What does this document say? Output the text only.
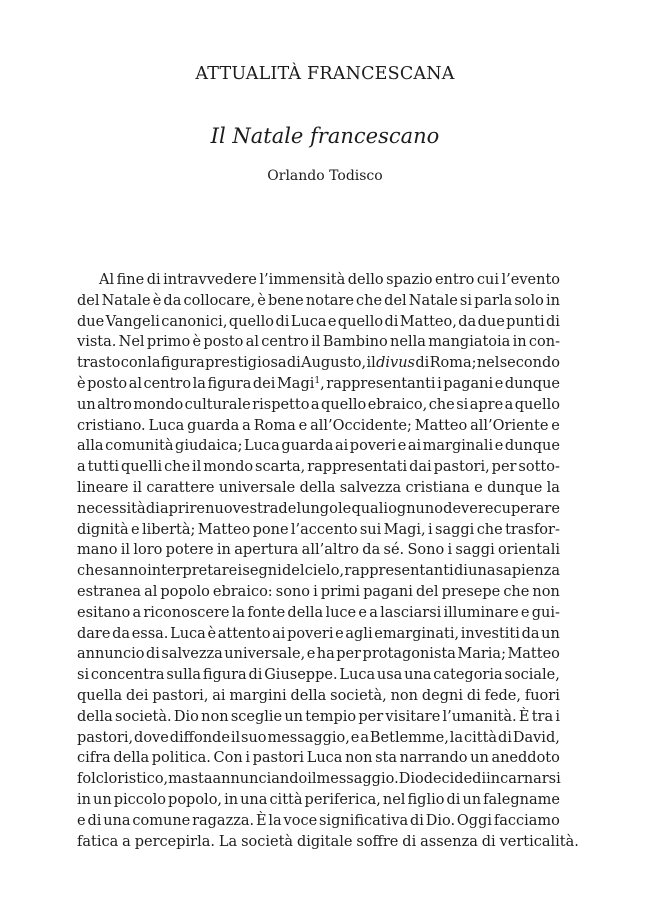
ATTUALITÀ FRANCESCANA
Il Natale francescano
Orlando Todisco
Al fine di intravvedere l’immensità dello spazio entro cui l’evento
del Natale è da collocare, è bene notare che del Natale si parla solo in
due Vangeli canonici, quello di Luca e quello di Matteo, da due punti di
vista. Nel primo è posto al centro il Bambino nella mangiatoia in con-
trasto con la figura prestigiosa di Augusto, il divus di Roma; nel secondo
è posto al centro la figura dei Magi$^1$, rappresentanti i pagani e dunque
un altro mondo culturale rispetto a quello ebraico, che si apre a quello
cristiano. Luca guarda a Roma e all’Occidente; Matteo all’Oriente e
alla comunità giudaica; Luca guarda ai poveri e ai marginali e dunque
a tutti quelli che il mondo scarta, rappresentati dai pastori, per sotto-
lineare il carattere universale della salvezza cristiana e dunque la
necessità di aprire nuove strade lungo le quali ognuno deve recuperare
dignità e libertà; Matteo pone l’accento sui Magi, i saggi che trasfor-
mano il loro potere in apertura all’altro da sé. Sono i saggi orientali
che sanno interpretare i segni del cielo, rappresentanti di una sapienza
estranea al popolo ebraico: sono i primi pagani del presepe che non
esitano a riconoscere la fonte della luce e a lasciarsi illuminare e gui-
dare da essa. Luca è attento ai poveri e agli emarginati, investiti da un
annuncio di salvezza universale, e ha per protagonista Maria; Matteo
si concentra sulla figura di Giuseppe. Luca usa una categoria sociale,
quella dei pastori, ai margini della società, non degni di fede, fuori
della società. Dio non sceglie un tempio per visitare l’umanità. È tra i
pastori, dove diffonde il suo messaggio, e a Betlemme, la città di David,
cifra della politica. Con i pastori Luca non sta narrando un aneddoto
folcloristico, ma sta annunciando il messaggio. Dio decide di incarnarsi
in un piccolo popolo, in una città periferica, nel figlio di un falegname
e di una comune ragazza. È la voce significativa di Dio. Oggi facciamo
fatica a percepirla. La società digitale soffre di assenza di verticalità.
